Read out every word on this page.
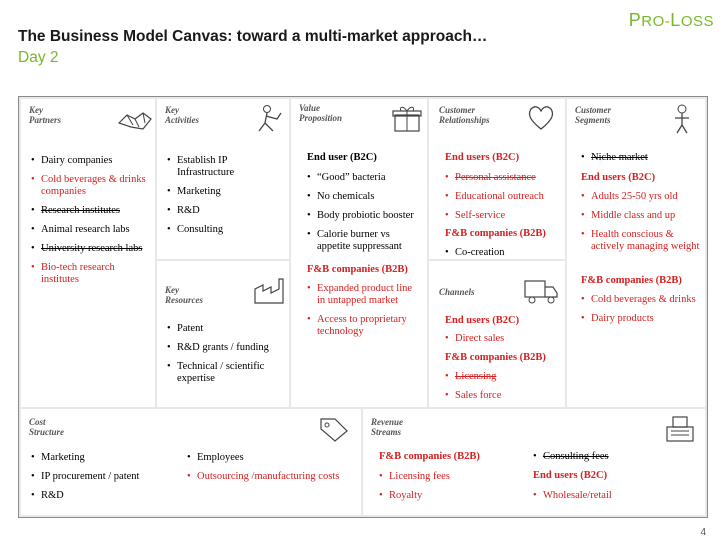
PRO-LOSS
The Business Model Canvas: toward a multi-market approach…
Day 2
Key
Partners
• Dairy companies
• Cold beverages & drinks companies
• Research institutes
• Animal research labs
• University research labs
• Bio-tech research institutes
Key
Activities
• Establish IP Infrastructure
• Marketing
• R&D
• Consulting
Key
Resources
• Patent
• R&D grants / funding
• Technical / scientific expertise
Value
Proposition
End user (B2C)
• “Good” bacteria
• No chemicals
• Body probiotic booster
• Calorie burner vs appetite suppressant
F&B companies (B2B)
• Expanded product line in untapped market
• Access to proprietary technology
Customer
Relationships
End users (B2C)
• Personal assistance
• Educational outreach
• Self-service
F&B companies (B2B)
• Co-creation
Channels
End users (B2C)
• Direct sales
F&B companies (B2B)
• Licensing
• Sales force
Customer
Segments
• Niche market
End users (B2C)
• Adults 25-50 yrs old
• Middle class and up
• Health conscious & actively managing weight
F&B companies (B2B)
• Cold beverages & drinks
• Dairy products
Cost
Structure
• Marketing
• IP procurement / patent
• R&D
• Employees
• Outsourcing /manufacturing costs
Revenue
Streams
F&B companies (B2B)
• Licensing fees
• Royalty
• Consulting fees
End users (B2C)
• Wholesale/retail
4
